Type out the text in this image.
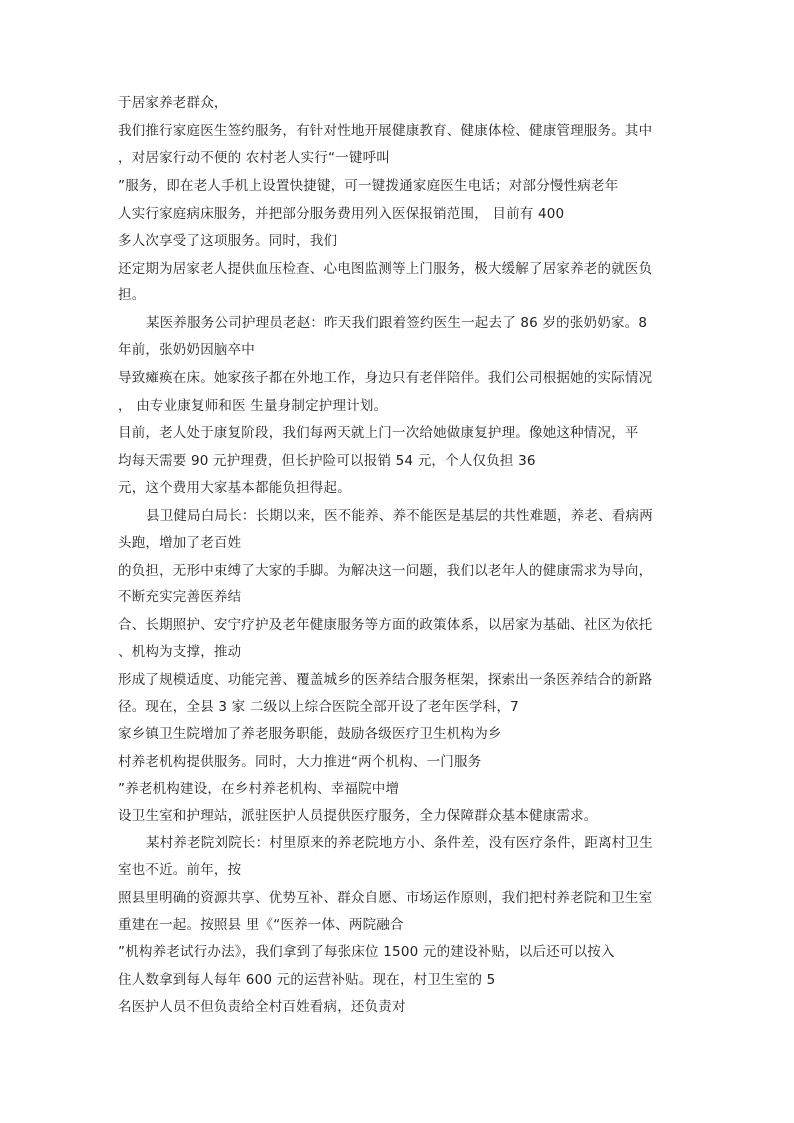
于居家养老群众，

我们推行家庭医生签约服务，有针对性地开展健康教育、健康体检、健康管理服务。其中

，对居家行动不便的 农村老人实行“一键呼叫

”服务，即在老人手机上设置快捷键，可一键拨通家庭医生电话；对部分慢性病老年

人实行家庭病床服务，并把部分服务费用列入医保报销范围， 目前有 400

多人次享受了这项服务。同时，我们

还定期为居家老人提供血压检查、心电图监测等上门服务，极大缓解了居家养老的就医负

担。

某医养服务公司护理员老赵：昨天我们跟着签约医生一起去了 86 岁的张奶奶家。8

年前，张奶奶因脑卒中

导致瘫痪在床。她家孩子都在外地工作，身边只有老伴陪伴。我们公司根据她的实际情况

， 由专业康复师和医 生量身制定护理计划。

目前，老人处于康复阶段，我们每两天就上门一次给她做康复护理。像她这种情况，平

均每天需要 90 元护理费，但长护险可以报销 54 元，个人仅负担 36

元，这个费用大家基本都能负担得起。

县卫健局白局长：长期以来，医不能养、养不能医是基层的共性难题，养老、看病两

头跑，增加了老百姓

的负担，无形中束缚了大家的手脚。为解决这一问题，我们以老年人的健康需求为导向，

不断充实完善医养结

合、长期照护、安宁疗护及老年健康服务等方面的政策体系，以居家为基础、社区为依托

、机构为支撑，推动

形成了规模适度、功能完善、覆盖城乡的医养结合服务框架，探索出一条医养结合的新路

径。现在，全县 3 家 二级以上综合医院全部开设了老年医学科，7

家乡镇卫生院增加了养老服务职能，鼓励各级医疗卫生机构为乡

村养老机构提供服务。同时，大力推进“两个机构、一门服务

”养老机构建设，在乡村养老机构、幸福院中增

设卫生室和护理站，派驻医护人员提供医疗服务，全力保障群众基本健康需求。

某村养老院刘院长：村里原来的养老院地方小、条件差，没有医疗条件，距离村卫生

室也不近。前年，按

照县里明确的资源共享、优势互补、群众自愿、市场运作原则，我们把村养老院和卫生室

重建在一起。按照县 里《“医养一体、两院融合

”机构养老试行办法》，我们拿到了每张床位 1500 元的建设补贴，以后还可以按入

住人数拿到每人每年 600 元的运营补贴。现在，村卫生室的 5

名医护人员不但负责给全村百姓看病，还负责对
